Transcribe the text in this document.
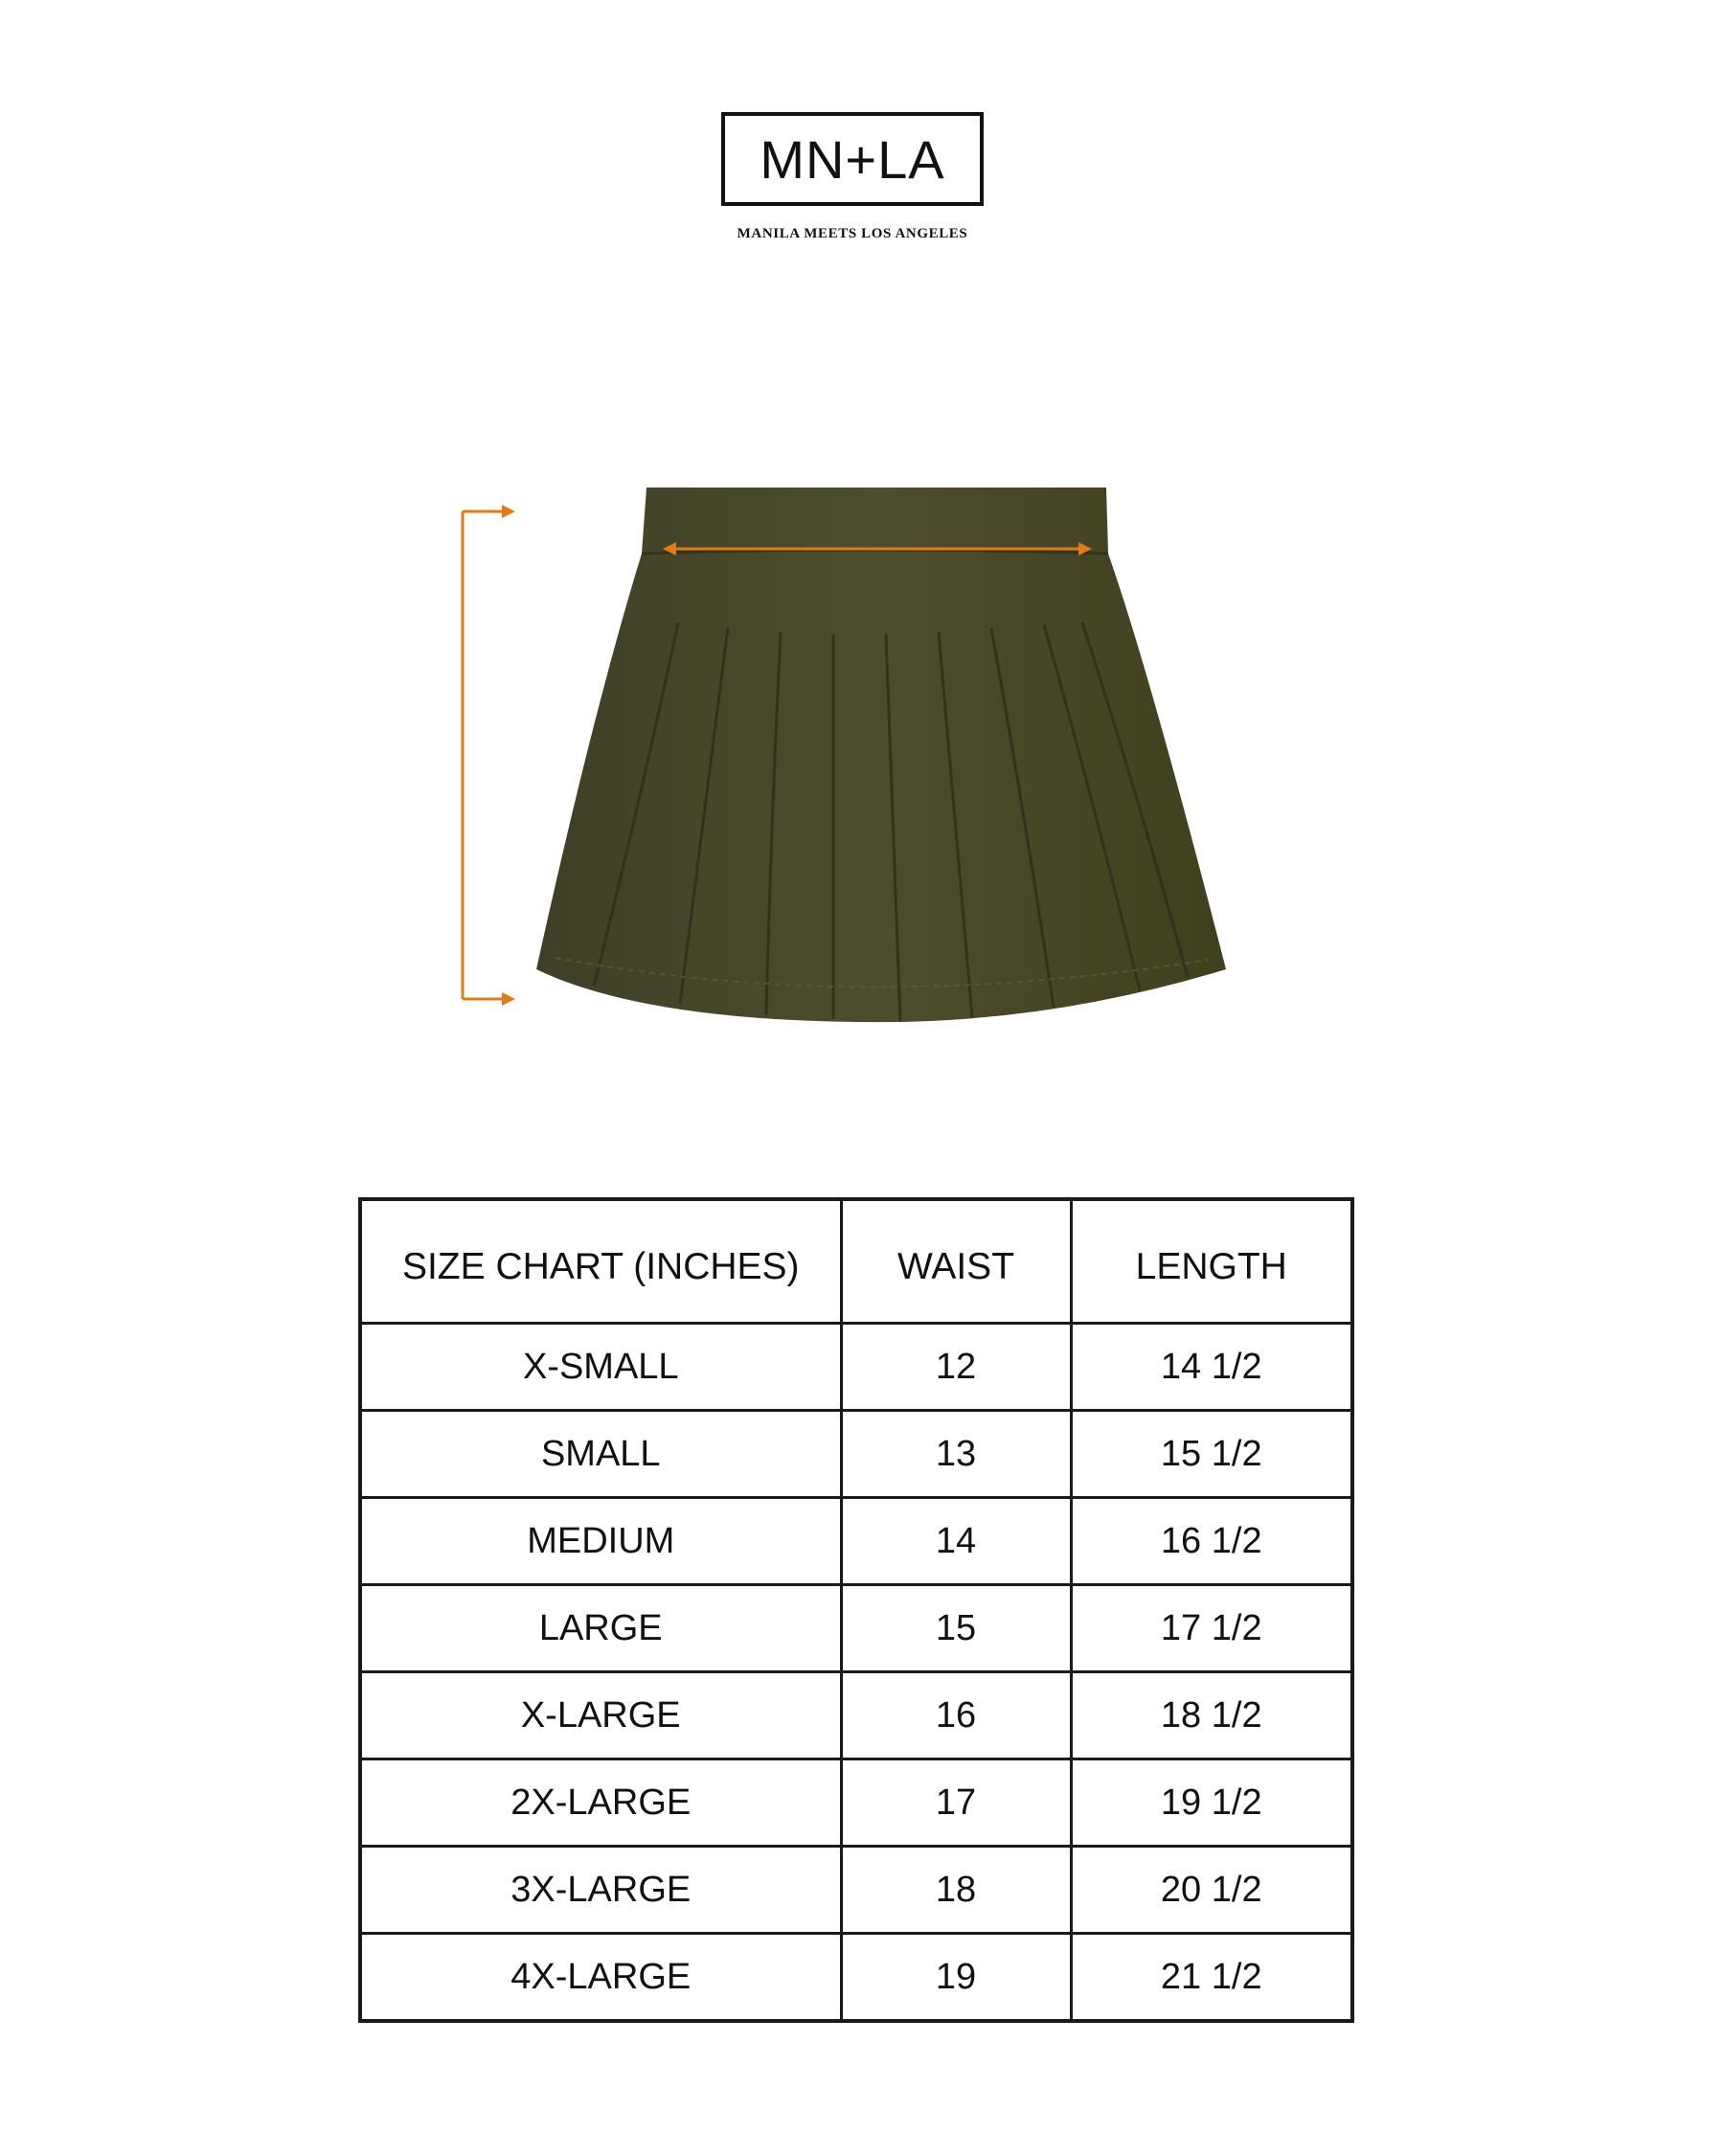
MN+LA
MANILA MEETS LOS ANGELES
SIZE CHART (INCHES)	WAIST	LENGTH
X-SMALL	12	14 1/2
SMALL	13	15 1/2
MEDIUM	14	16 1/2
LARGE	15	17 1/2
X-LARGE	16	18 1/2
2X-LARGE	17	19 1/2
3X-LARGE	18	20 1/2
4X-LARGE	19	21 1/2
